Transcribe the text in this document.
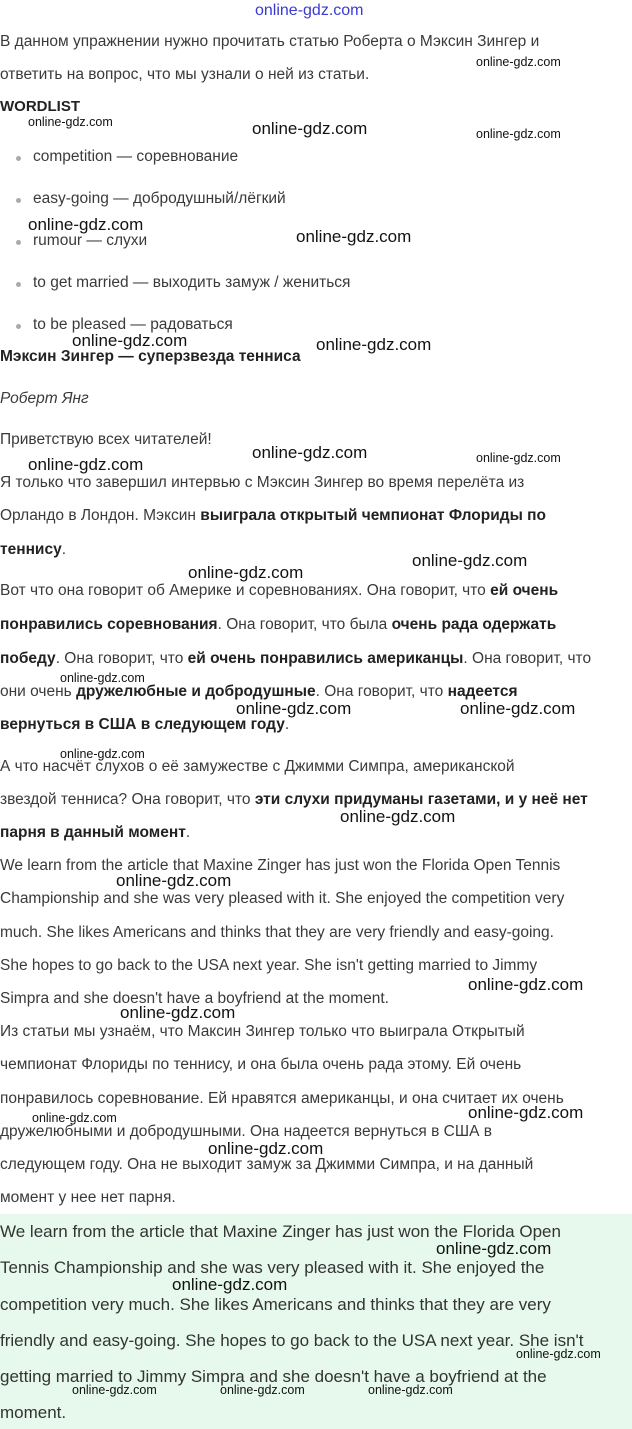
online-gdz.com
В данном упражнении нужно прочитать статью Роберта о Мэксин Зингер и
ответить на вопрос, что мы узнали о ней из статьи.
WORDLIST
competition — соревнование
easy-going — добродушный/лёгкий
rumour — слухи
to get married — выходить замуж / жениться
to be pleased — радоваться
Мэксин Зингер — суперзвезда тенниса
Роберт Янг
Приветствую всех читателей!
Я только что завершил интервью с Мэксин Зингер во время перелёта из
Орландо в Лондон. Мэксин выиграла открытый чемпионат Флориды по
теннису.
Вот что она говорит об Америке и соревнованиях. Она говорит, что ей очень
понравились соревнования. Она говорит, что была очень рада одержать
победу. Она говорит, что ей очень понравились американцы. Она говорит, что
они очень дружелюбные и добродушные. Она говорит, что надеется
вернуться в США в следующем году.
А что насчёт слухов о её замужестве с Джимми Симпра, американской
звездой тенниса? Она говорит, что эти слухи придуманы газетами, и у неё нет
парня в данный момент.
We learn from the article that Maxine Zinger has just won the Florida Open Tennis
Championship and she was very pleased with it. She enjoyed the competition very
much. She likes Americans and thinks that they are very friendly and easy-going.
She hopes to go back to the USA next year. She isn't getting married to Jimmy
Simpra and she doesn't have a boyfriend at the moment.
Из статьи мы узнаём, что Максин Зингер только что выиграла Открытый
чемпионат Флориды по теннису, и она была очень рада этому. Ей очень
понравилось соревнование. Ей нравятся американцы, и она считает их очень
дружелюбными и добродушными. Она надеется вернуться в США в
следующем году. Она не выходит замуж за Джимми Симпра, и на данный
момент у нее нет парня.
We learn from the article that Maxine Zinger has just won the Florida Open
Tennis Championship and she was very pleased with it. She enjoyed the
competition very much. She likes Americans and thinks that they are very
friendly and easy-going. She hopes to go back to the USA next year. She isn't
getting married to Jimmy Simpra and she doesn't have a boyfriend at the
moment.
online-gdz.com
online-gdz.com	online-gdz.com	online-gdz.com
online-gdz.com
online-gdz.com
online-gdz.com	online-gdz.com
online-gdz.com	online-gdz.com
online-gdz.com
online-gdz.com
online-gdz.com
online-gdz.com
online-gdz.com	online-gdz.com
online-gdz.com
online-gdz.com
online-gdz.com
online-gdz.com
online-gdz.com
online-gdz.com
online-gdz.com
online-gdz.com
online-gdz.com
online-gdz.com
online-gdz.com
online-gdz.com	online-gdz.com	online-gdz.com
